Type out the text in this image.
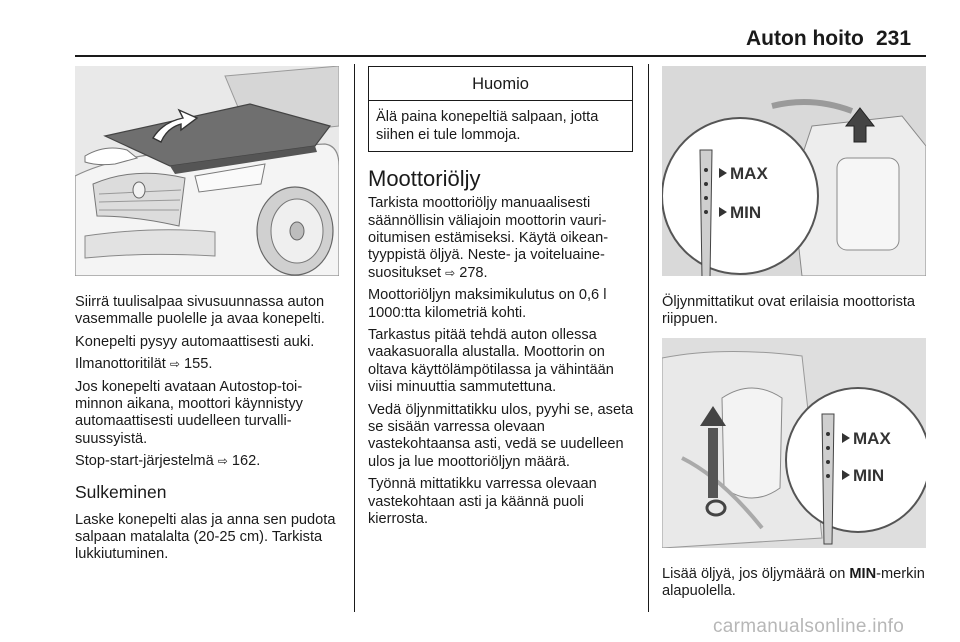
Auton hoito 231

Siirrä tuulisalpaa sivusuunnassa auton vasemmalle puolelle ja avaa konepelti.

Konepelti pysyy automaattisesti auki.

Ilmanottoritilät ⇨ 155.

Jos konepelti avataan Autostop-toiminnon aikana, moottori käynnistyy automaattisesti uudelleen turvallisuussyistä.

Stop-start-järjestelmä ⇨ 162.

Sulkeminen

Laske konepelti alas ja anna sen pudota salpaan matalalta (20-25 cm). Tarkista lukkiutuminen.

Huomio
Älä paina konepeltiä salpaan, jotta siihen ei tule lommoja.
Moottoriöljy

Tarkista moottoriöljy manuaalisesti säännöllisin väliajoin moottorin vaurioitumisen estämiseksi. Käytä oikeantyyppistä öljyä. Neste- ja voiteluainesuositukset ⇨ 278.

Moottoriöljyn maksimikulutus on 0,6 l 1000:tta kilometriä kohti.

Tarkastus pitää tehdä auton ollessa vaakasuoralla alustalla. Moottorin on oltava käyttölämpötilassa ja vähintään viisi minuuttia sammutettuna.

Vedä öljynmittatikku ulos, pyyhi se, aseta se sisään varressa olevaan vastekohtaansa asti, vedä se uudelleen ulos ja lue moottoriöljyn määrä.

Työnnä mittatikku varressa olevaan vastekohtaan asti ja käännä puoli kierrosta.

MAX
MIN
Öljynmittatikut ovat erilaisia moottorista riippuen.
MAX
MIN
Lisää öljyä, jos öljymäärä on MIN-merkin alapuolella.
carmanualsonline.info
